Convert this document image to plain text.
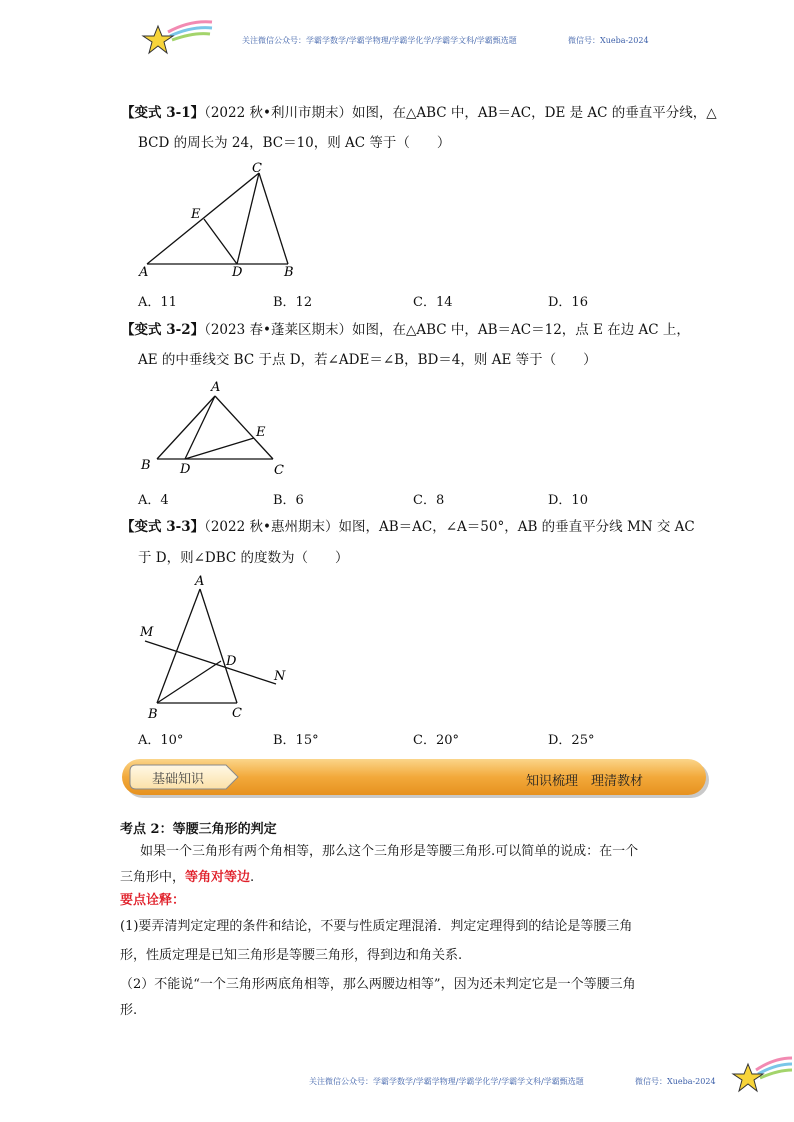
关注微信公众号：学霸学数学/学霸学物理/学霸学化学/学霸学文科/学霸甄选题	微信号：Xueba-2024
【变式 3-1】（2022 秋•利川市期末）如图，在△ABC 中，AB＝AC，DE 是 AC 的垂直平分线，△
BCD 的周长为 24，BC＝10，则 AC 等于（　　）
A	D	B
C
E
A．11	B．12	C．14	D．16
【变式 3-2】（2023 春•蓬莱区期末）如图，在△ABC 中，AB＝AC＝12，点 E 在边 AC 上，
AE 的中垂线交 BC 于点 D，若∠ADE＝∠B，BD＝4，则 AE 等于（　　）
A
B D	C
E
A．4	B．6	C．8	D．10
【变式 3-3】（2022 秋•惠州期末）如图，AB＝AC，∠A＝50°，AB 的垂直平分线 MN 交 AC
于 D，则∠DBC 的度数为（　　）
A
M
D
N
B	C
A．10°	B．15°	C．20°	D．25°
基础知识	知识梳理　理清教材
考点 2：等腰三角形的判定
如果一个三角形有两个角相等，那么这个三角形是等腰三角形.可以简单的说成：在一个
三角形中，等角对等边.
要点诠释：
(1)要弄清判定定理的条件和结论，不要与性质定理混淆．判定定理得到的结论是等腰三角
形，性质定理是已知三角形是等腰三角形，得到边和角关系.
（2）不能说“一个三角形两底角相等，那么两腰边相等”，因为还未判定它是一个等腰三角
形.
关注微信公众号：学霸学数学/学霸学物理/学霸学化学/学霸学文科/学霸甄选题	微信号：Xueba-2024
